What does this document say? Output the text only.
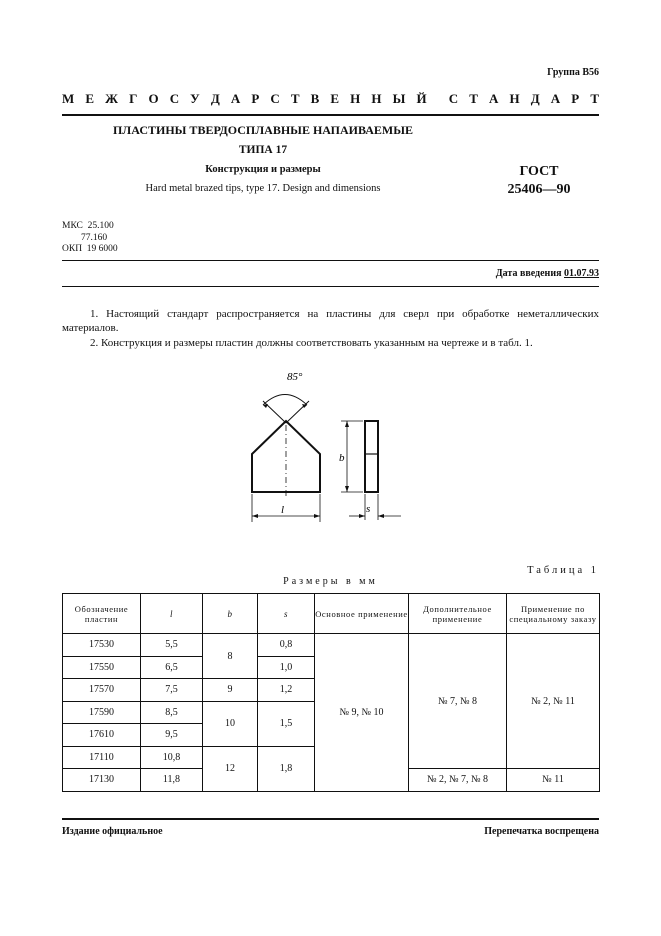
Группа В56
М Е Ж Г О С У Д А Р С Т В Е Н Н Ы Й С Т А Н Д А Р Т
ПЛАСТИНЫ ТВЕРДОСПЛАВНЫЕ НАПАИВАЕМЫЕ
ТИПА 17
Конструкция и размеры
Hard metal brazed tips, type 17. Design and dimensions
ГОСТ
25406—90
МКС  25.100
77.160
ОКП  19 6000
Дата введения 01.07.93
1. Настоящий стандарт распространяется на пластины для сверл при обработке неметаллических материалов.
2. Конструкция и размеры пластин должны соответствовать указанным на чертеже и в табл. 1.
85°
l
b
s
Таблица 1
Размеры в мм
Обозначение пластин	l	b	s	Основное применение	Дополнительное применение	Применение по специальному заказу
17530	5,5	8	0,8	№ 9, № 10	№ 7, № 8	№ 2, № 11
17550	6,5		1,0			
17570	7,5	9	1,2			
17590	8,5	10	1,5			
17610	9,5					
17110	10,8	12	1,8			
17130	11,8				№ 2, № 7, № 8	№ 11
Издание официальное	Перепечатка воспрещена
